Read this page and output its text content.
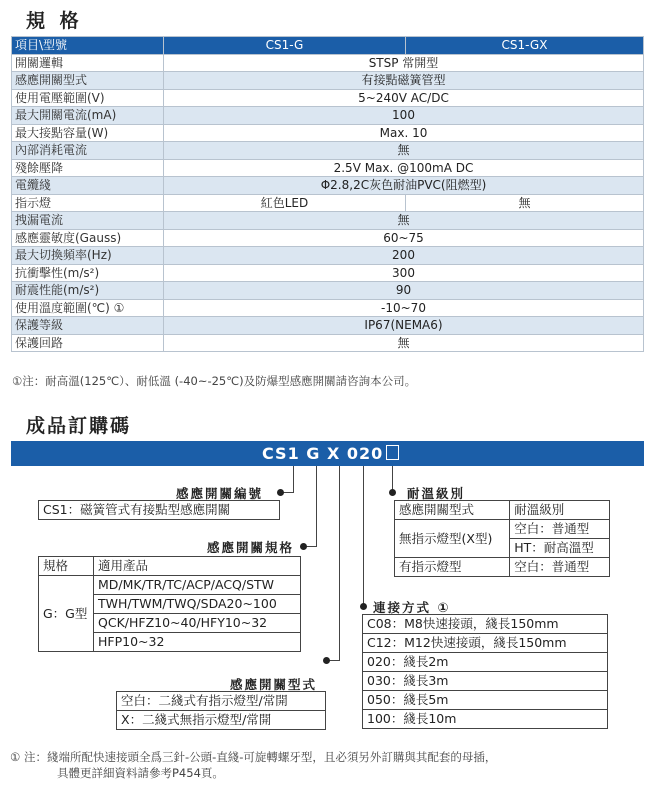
規 格
項目\型號	CS1-G	CS1-GX
開關邏輯	STSP 常開型	
感應開關型式	有接點磁簧管型	
使用電壓範圍(V)	5~240V AC/DC	
最大開關電流(mA)	100	
最大接點容量(W)	Max. 10	
內部消耗電流	無	
殘餘壓降	2.5V Max. @100mA DC	
電纜綫	Φ2.8,2C灰色耐油PVC(阻燃型)	
指示燈	紅色LED	無
拽漏電流	無	
感應靈敏度(Gauss)	60~75	
最大切換頻率(Hz)	200	
抗衝擊性(m/s²)	300	
耐震性能(m/s²)	90	
使用溫度範圍(℃) ①	-10~70	
保護等級	IP67(NEMA6)	
保護回路	無	
①注：耐高溫(125℃）、耐低溫 (-40~-25℃)及防爆型感應開關請咨詢本公司。
成品訂購碼
CS1 G X 020
感應開關編號
CS1：磁簧管式有接點型感應開關
感應開關規格
規格	適用產品
G：G型	MD/MK/TR/TC/ACP/ACQ/STW
	TWH/TWM/TWQ/SDA20~100
	QCK/HFZ10~40/HFY10~32
	HFP10~32
感應開關型式
空白：二綫式有指示燈型/常開
X：二綫式無指示燈型/常開
耐溫級別
感應開關型式	耐溫級別
無指示燈型(X型)	空白：普通型
	HT：耐高溫型
有指示燈型	空白：普通型
連接方式 ①
C08：M8快速接頭，綫長150mm
C12：M12快速接頭，綫長150mm
020：綫長2m
030：綫長3m
050：綫長5m
100：綫長10m
① 注：綫端所配快速接頭全爲三針-公頭-直綫-可旋轉螺牙型，且必須另外訂購與其配套的母插，
具體更詳細資料請參考P454頁。
